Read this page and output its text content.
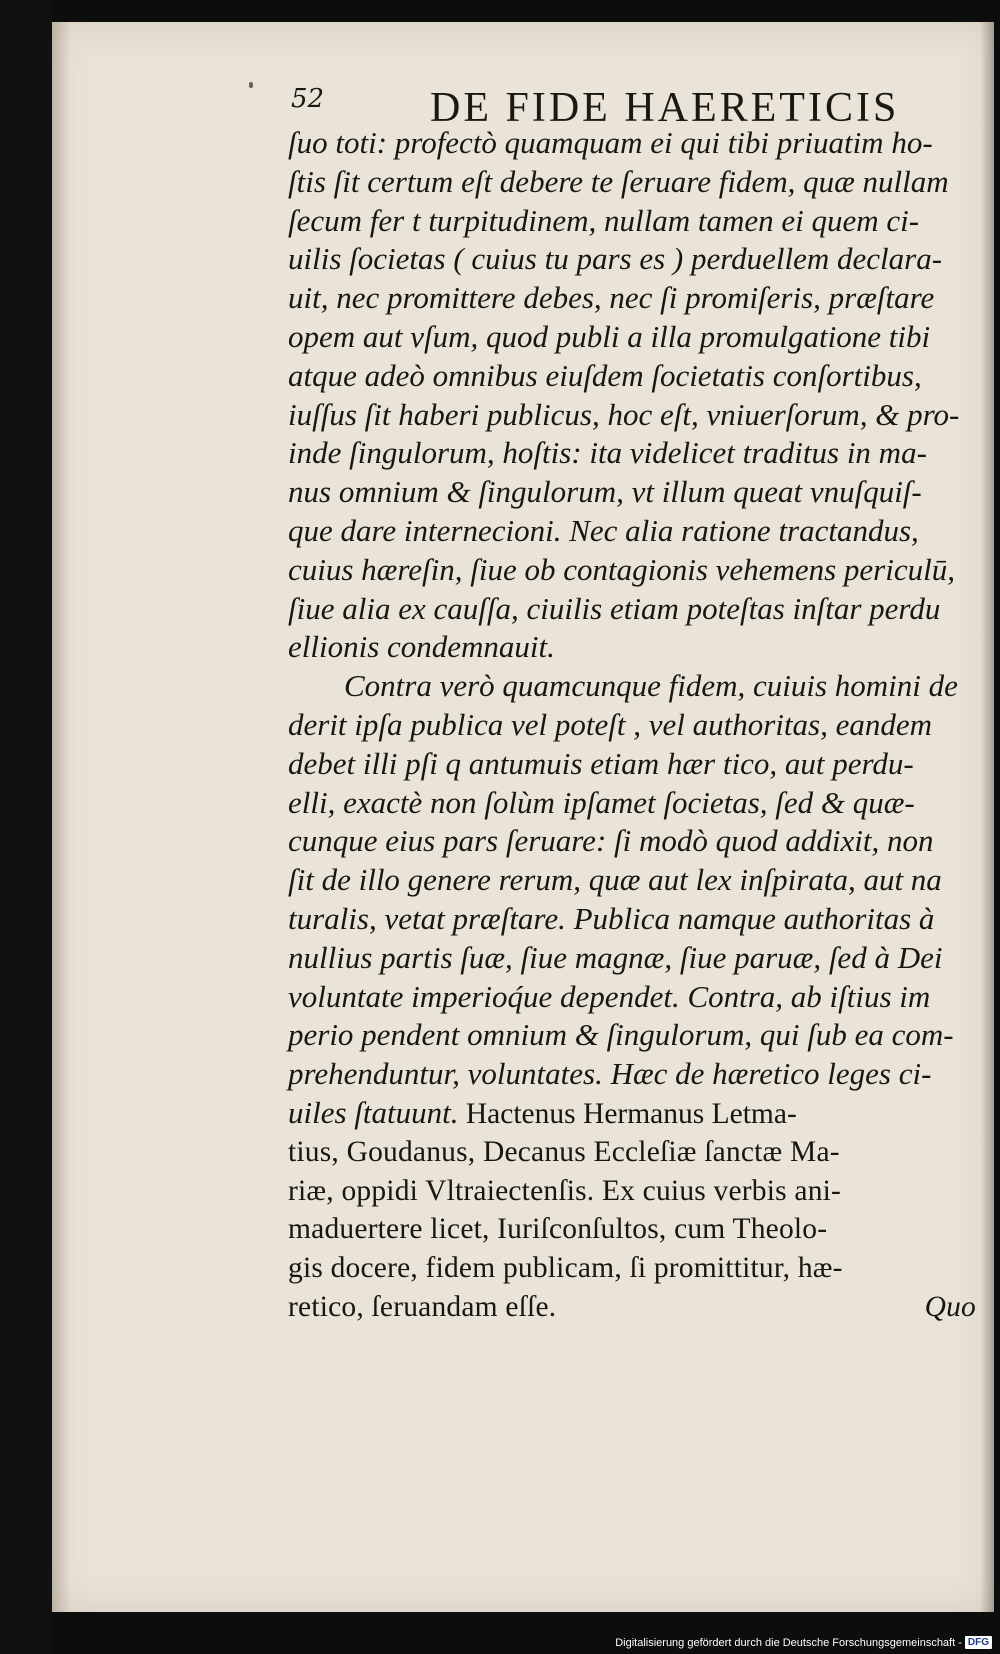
52	DE FIDE HAERETICIS
ſuo toti: profectò quamquam ei qui tibi priuatim ho-
ſtis ſit certum eſt debere te ſeruare fidem, quæ nullam
ſecum fer t turpitudinem, nullam tamen ei quem ci-
uilis ſocietas ( cuius tu pars es ) perduellem declara-
uit, nec promittere debes, nec ſi promiſeris, præſtare
opem aut vſum, quod publi a illa promulgatione tibi
atque adeò omnibus eiuſdem ſocietatis conſortibus,
iuſſus ſit haberi publicus, hoc eſt, vniuerſorum, & pro-
inde ſingulorum, hoſtis: ita videlicet traditus in ma-
nus omnium & ſingulorum, vt illum queat vnuſquiſ-
que dare internecioni. Nec alia ratione tractandus,
cuius hæreſin, ſiue ob contagionis vehemens periculū,
ſiue alia ex cauſſa, ciuilis etiam poteſtas inſtar perdu
ellionis condemnauit.
Contra verò quamcunque fidem, cuiuis homini de
derit ipſa publica vel poteſt , vel authoritas, eandem
debet illi pſi q antumuis etiam hær tico, aut perdu-
elli, exactè non ſolùm ipſamet ſocietas, ſed & quæ-
cunque eius pars ſeruare: ſi modò quod addixit, non
ſit de illo genere rerum, quæ aut lex inſpirata, aut na
turalis, vetat præſtare. Publica namque authoritas à
nullius partis ſuæ, ſiue magnæ, ſiue paruæ, ſed à Dei
voluntate imperioq́ue dependet. Contra, ab iſtius im
perio pendent omnium & ſingulorum, qui ſub ea com-
prehenduntur, voluntates. Hæc de hæretico leges ci-
uiles ſtatuunt. Hactenus Hermanus Letma-
tius, Goudanus, Decanus Eccleſiæ ſanctæ Ma-
riæ, oppidi Vltraiectenſis. Ex cuius verbis ani-
maduertere licet, Iuriſconſultos, cum Theolo-
gis docere, fidem publicam, ſi promittitur, hæ-
retico, ſeruandam eſſe.	Quo
Digitalisierung gefördert durch die Deutsche Forschungsgemeinschaft - DFG
